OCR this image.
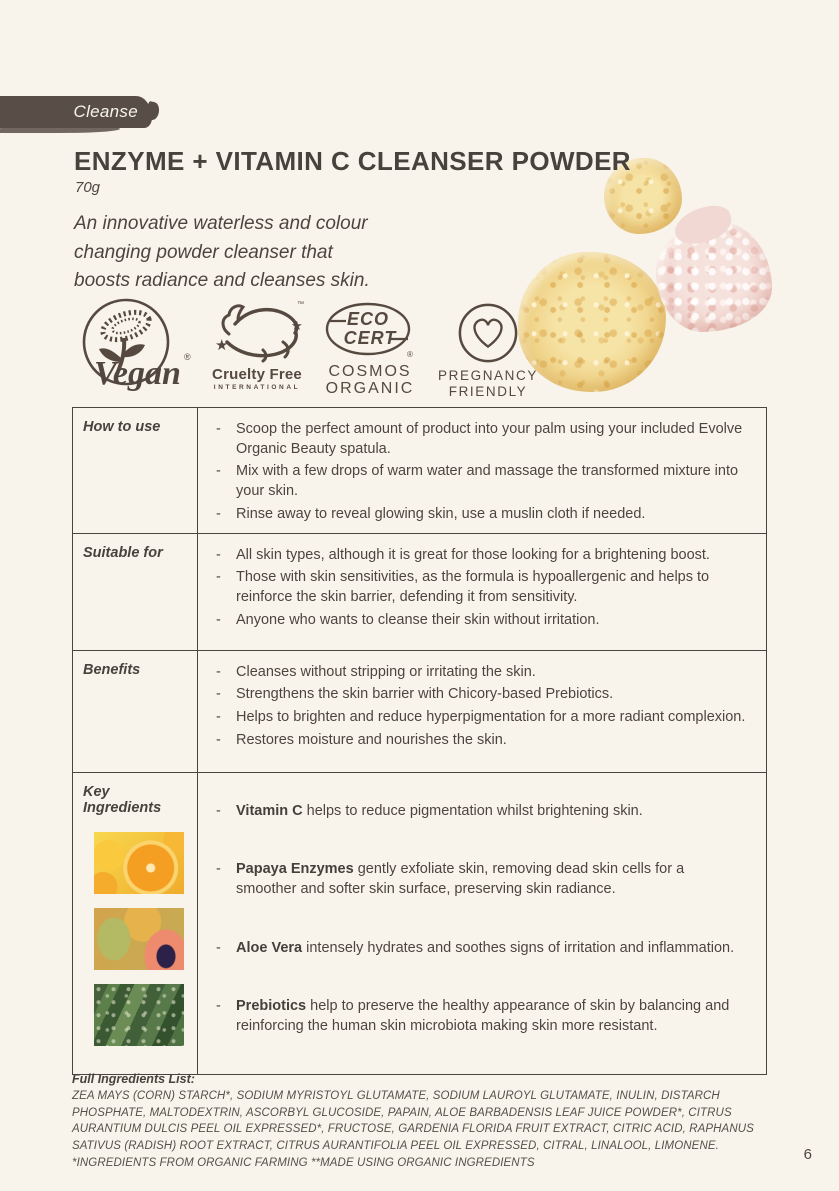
Cleanse
ENZYME + VITAMIN C CLEANSER POWDER
70g

An innovative waterless and colour changing powder cleanser that boosts radiance and cleanses skin.

Vegan ®
★
★
™
Cruelty Free
INTERNATIONAL
ECO
CERT
®
COSMOS
ORGANIC
PREGNANCY
FRIENDLY
How to use	- Scoop the perfect amount of product into your palm using your included Evolve Organic Beauty spatula.
- Mix with a few drops of warm water and massage the transformed mixture into your skin.
- Rinse away to reveal glowing skin, use a muslin cloth if needed.
Suitable for	- All skin types, although it is great for those looking for a brightening boost.
- Those with skin sensitivities, as the formula is hypoallergenic and helps to reinforce the skin barrier, defending it from sensitivity.
- Anyone who wants to cleanse their skin without irritation.
Benefits	- Cleanses without stripping or irritating the skin.
- Strengthens the skin barrier with Chicory-based Prebiotics.
- Helps to brighten and reduce hyperpigmentation for a more radiant complexion.
- Restores moisture and nourishes the skin.
Key Ingredients	- Vitamin C helps to reduce pigmentation whilst brightening skin.
- Papaya Enzymes gently exfoliate skin, removing dead skin cells for a smoother and softer skin surface, preserving skin radiance.
- Aloe Vera intensely hydrates and soothes signs of irritation and inflammation.
- Prebiotics help to preserve the healthy appearance of skin by balancing and reinforcing the human skin microbiota making skin more resistant.
Full Ingredients List:
ZEA MAYS (CORN) STARCH*, SODIUM MYRISTOYL GLUTAMATE, SODIUM LAUROYL GLUTAMATE, INULIN, DISTARCH PHOSPHATE, MALTODEXTRIN, ASCORBYL GLUCOSIDE, PAPAIN, ALOE BARBADENSIS LEAF JUICE POWDER*, CITRUS AURANTIUM DULCIS PEEL OIL EXPRESSED*, FRUCTOSE, GARDENIA FLORIDA FRUIT EXTRACT, CITRIC ACID, RAPHANUS SATIVUS (RADISH) ROOT EXTRACT, CITRUS AURANTIFOLIA PEEL OIL EXPRESSED, CITRAL, LINALOOL, LIMONENE. *INGREDIENTS FROM ORGANIC FARMING **MADE USING ORGANIC INGREDIENTS	6
